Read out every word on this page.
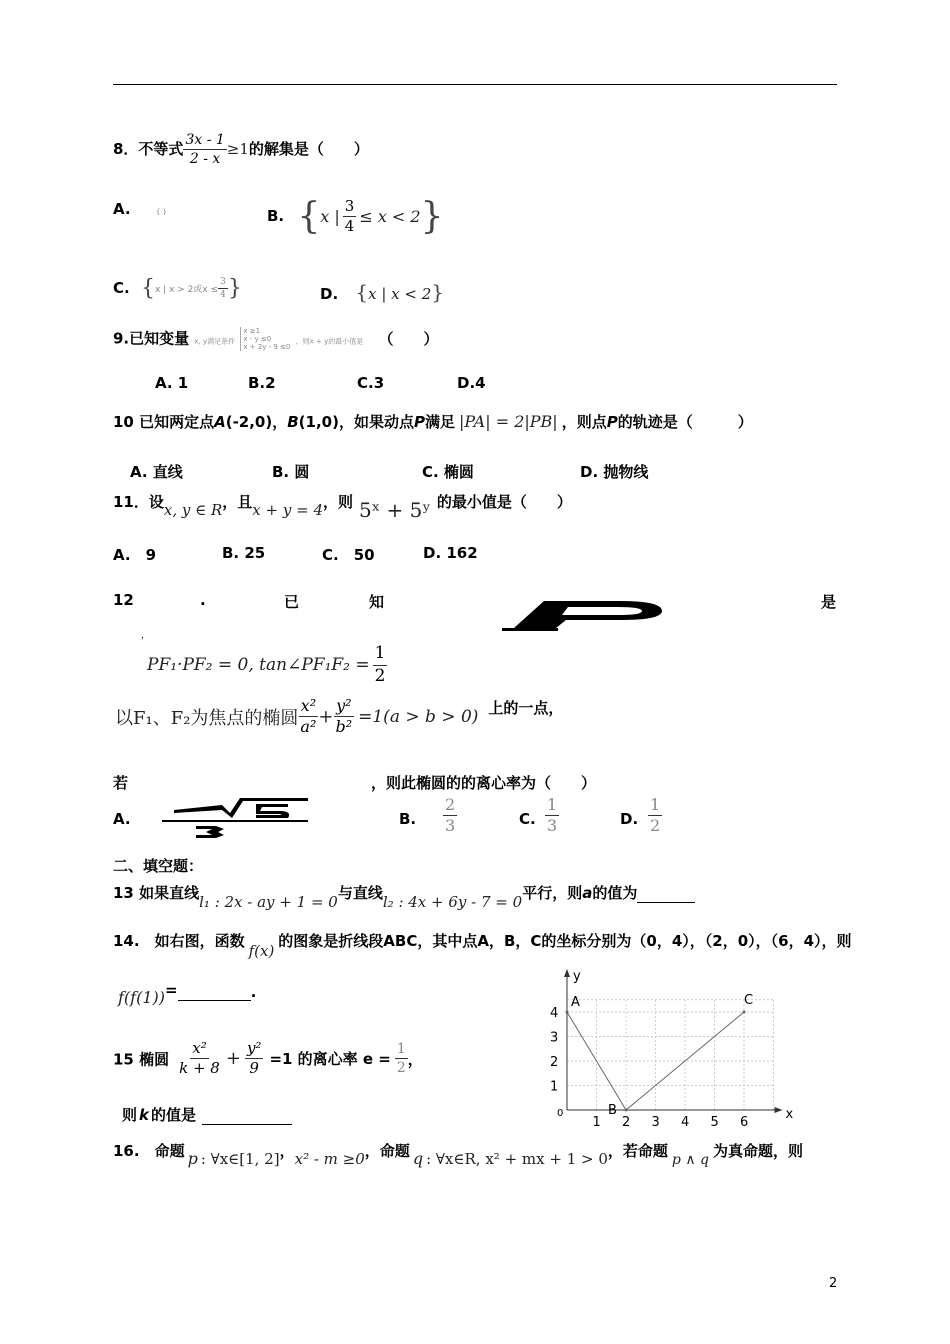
8．不等式 $\frac{3x - 1}{2 - x} \ge 1$的解集是（　　）
A.	{ }	B. {x | $\frac{3}{4} \le x < 2$}
C. {x | x > 2或$x \le \frac{3}{4}$ }	D. {x | x < 2}
9.已知变量 x, y满足条件
x ≥1
x - y ≤0
x + 2y - 9 ≤0
，则x + y的最小值是 （　　）
A. 1	B.2	C.3	D.4
10 已知两定点A(-2,0)，B(1,0)，如果动点P满足 |PA| = 2|PB| ，则点P的轨迹是（　　　）
A. 直线	B. 圆	C. 椭圆	D. 抛物线
11．设x, y ∈ R，且x + y = 4，则 5ˣ + 5ʸ 的最小值是（　　）
A.　9	B. 25	C.　50	D. 162
12	.	已	知	是
，
PF₁·PF₂ = 0, tan∠PF₁F₂ = $\frac{1}{2}$
以F₁、F₂为焦点的椭圆 $\frac{\text{x²}}{\text{a²}} + \frac{\text{y²}}{\text{b²}} =1(a > b > 0)$ 上的一点，
若	，则此椭圆的的离心率为（　　）
A.	B. $\frac{2}{3}$	C. $\frac{1}{3}$	D. $\frac{1}{2}$
二、填空题：
13 如果直线l₁ : 2x - ay + 1 = 0与直线l₂ : 4x + 6y - 7 = 0平行，则a的值为
14.　如右图，函数f(x)的图象是折线段ABC，其中点A，B，C的坐标分别为（0，4），（2，0），（6，4），则
f(f(1))=	.
y
x
0
1 2 3 4 5 6
1
2
3
4
A
B
C
15 椭圆 $\frac{\text{x²}}{k + 8} + \frac{\text{y²}}{9} =1$ 的离心率 $e = \frac{1}{2}$ ，
则 k 的值是
16.　命题 p : ∀x∈[1, 2]，x² - m ≥0，命题 q : ∀x∈R, x² + mx + 1 > 0，若命题 p ∧ q 为真命题，则
2
